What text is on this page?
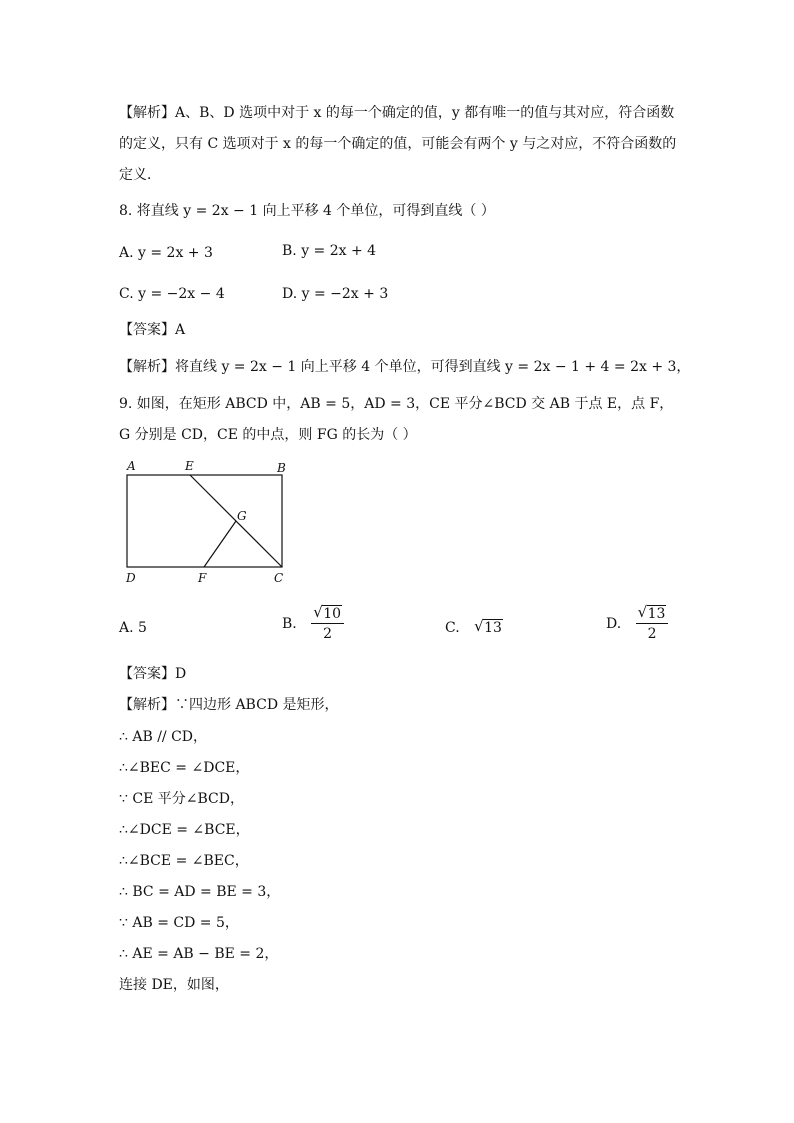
【解析】A、B、D 选项中对于 x 的每一个确定的值，y 都有唯一的值与其对应，符合函数
的定义，只有 C 选项对于 x 的每一个确定的值，可能会有两个 y 与之对应，不符合函数的
定义．
8. 将直线 y = 2x − 1 向上平移 4 个单位，可得到直线（ ）
A. y = 2x + 3	B. y = 2x + 4
C. y = −2x − 4	D. y = −2x + 3
【答案】A
【解析】将直线 y = 2x − 1 向上平移 4 个单位，可得到直线 y = 2x − 1 + 4 = 2x + 3，
9. 如图，在矩形 ABCD 中，AB = 5，AD = 3，CE 平分∠BCD 交 AB 于点 E，点 F，
G 分别是 CD，CE 的中点，则 FG 的长为（ ）
A	E	B
G
D	F	C
A. 5	B. √ $\frac{10}{2}$	C. √ 13	D. √ $\frac{13}{2}$
【答案】D
【解析】∵四边形 ABCD 是矩形，
∴ AB // CD，
∴∠BEC = ∠DCE，
∵ CE 平分∠BCD，
∴∠DCE = ∠BCE，
∴∠BCE = ∠BEC，
∴ BC = AD = BE = 3，
∵ AB = CD = 5，
∴ AE = AB − BE = 2，
连接 DE，如图，
